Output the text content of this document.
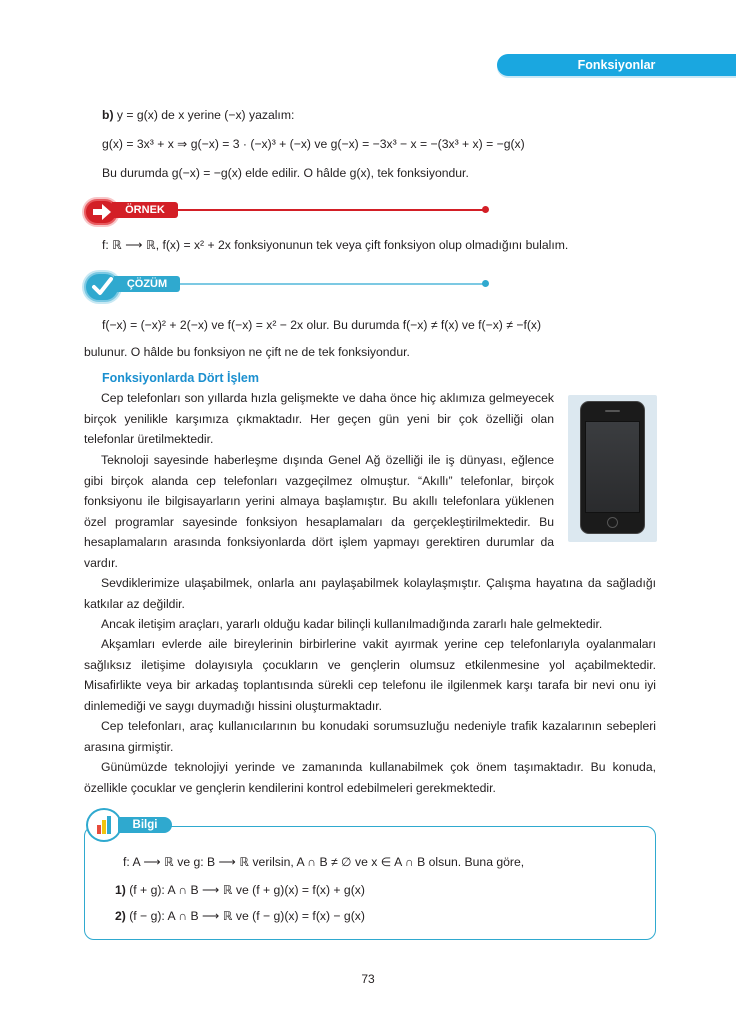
Fonksiyonlar
b) y = g(x) de x yerine (−x) yazalım:
g(x) = 3x³ + x ⇒ g(−x) = 3 · (−x)³ + (−x) ve g(−x) = −3x³ − x = −(3x³ + x) = −g(x)
Bu durumda g(−x) = −g(x) elde edilir. O hâlde g(x), tek fonksiyondur.
ÖRNEK
f: ℝ ⟶ ℝ, f(x) = x² + 2x fonksiyonunun tek veya çift fonksiyon olup olmadığını bulalım.
ÇÖZÜM
f(−x) = (−x)² + 2(−x) ve f(−x) = x² − 2x olur. Bu durumda f(−x) ≠ f(x) ve f(−x) ≠ −f(x)
bulunur. O hâlde bu fonksiyon ne çift ne de tek fonksiyondur.
Fonksiyonlarda Dört İşlem

Cep telefonları son yıllarda hızla gelişmekte ve daha önce hiç aklımıza gelmeyecek birçok yenilikle karşımıza çıkmaktadır. Her geçen gün yeni bir çok özelliği olan telefonlar üretilmektedir.

Teknoloji sayesinde haberleşme dışında Genel Ağ özelliği ile iş dünyası, eğlence gibi birçok alanda cep telefonları vazgeçilmez olmuştur. “Akıllı” telefonlar, birçok fonksiyonu ile bilgisayarların yerini almaya başlamıştır. Bu akıllı telefonlara yüklenen özel programlar sayesinde fonksiyon hesaplamaları da gerçekleştirilmektedir. Bu hesaplamaların arasında fonksiyonlarda dört işlem yapmayı gerektiren durumlar da vardır.

Sevdiklerimize ulaşabilmek, onlarla anı paylaşabilmek kolaylaşmıştır. Çalışma hayatına da sağladığı katkılar az değildir.

Ancak iletişim araçları, yararlı olduğu kadar bilinçli kullanılmadığında zararlı hale gelmektedir.

Akşamları evlerde aile bireylerinin birbirlerine vakit ayırmak yerine cep telefonlarıyla oyalanmaları sağlıksız iletişime dolayısıyla çocukların ve gençlerin olumsuz etkilenmesine yol açabilmektedir. Misafirlikte veya bir arkadaş toplantısında sürekli cep telefonu ile ilgilenmek karşı tarafa bir nevi onu iyi dinlemediği ve saygı duymadığı hissini oluşturmaktadır.

Cep telefonları, araç kullanıcılarının bu konudaki sorumsuzluğu nedeniyle trafik kazalarının sebepleri arasına girmiştir.

Günümüzde teknolojiyi yerinde ve zamanında kullanabilmek çok önem taşımaktadır. Bu konuda, özellikle çocuklar ve gençlerin kendilerini kontrol edebilmeleri gerekmektedir.

f: A ⟶ ℝ ve g: B ⟶ ℝ verilsin, A ∩ B ≠ ∅ ve x ∈ A ∩ B olsun. Buna göre,
1) (f + g): A ∩ B ⟶ ℝ ve (f + g)(x) = f(x) + g(x)
2) (f − g): A ∩ B ⟶ ℝ ve (f − g)(x) = f(x) − g(x)
Bilgi
73
